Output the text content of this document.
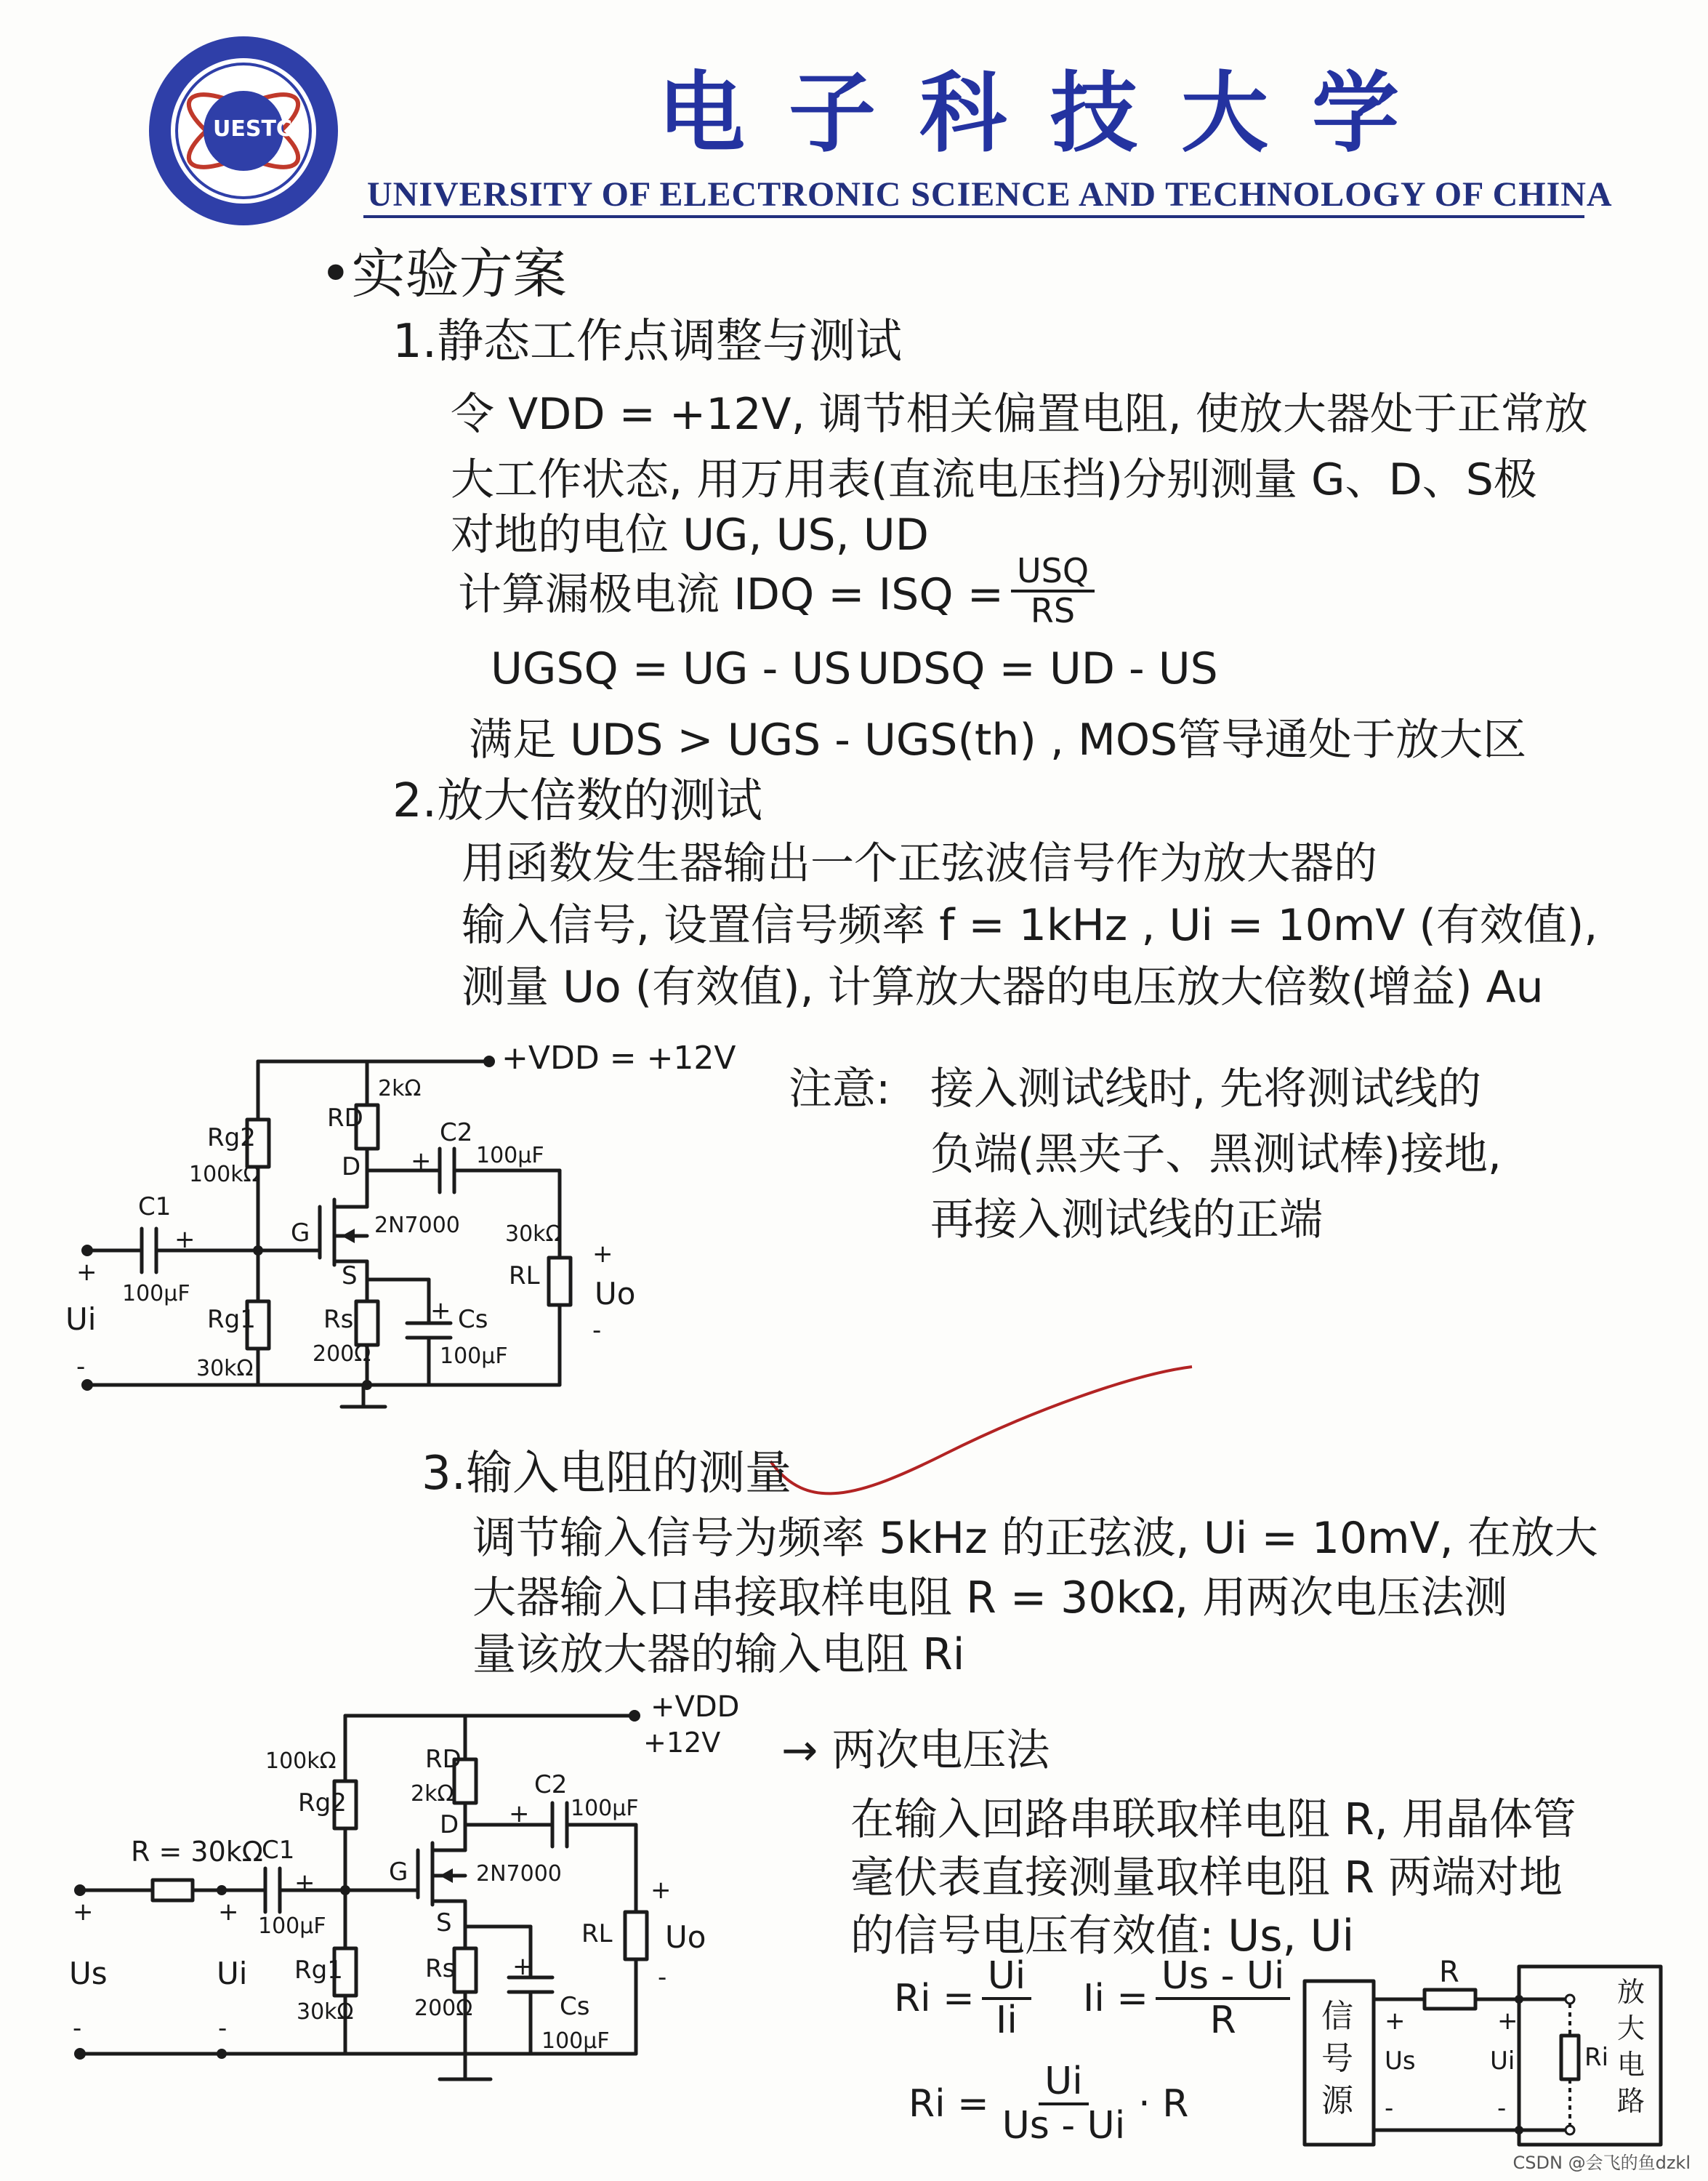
UESTC
1956
电子科技大学
UNIVERSITY OF ELECTRONIC SCIENCE AND TECHNOLOGY OF CHINA
•实验方案
1.静态工作点调整与测试
令 VDD = +12V, 调节相关偏置电阻, 使放大器处于正常放
大工作状态, 用万用表(直流电压挡)分别测量 G、D、S极
对地的电位 UG, US, UD
计算漏极电流 IDQ = ISQ = $\frac{\text{USQ}}{RS}$
UGSQ = UG - US UDSQ = UD - US
满足 UDS > UGS - UGS(th) , MOS管导通处于放大区
2.放大倍数的测试
用函数发生器输出一个正弦波信号作为放大器的
输入信号, 设置信号频率 f = 1kHz , Ui = 10mV (有效值),
测量 Uo (有效值), 计算放大器的电压放大倍数(增益) Au
注意: 接入测试线时, 先将测试线的
负端(黑夹子、黑测试棒)接地,
再接入测试线的正端
+VDD = +12V
RD
2kΩ
Rg2
100kΩ
Rg1
30kΩ
Rs
200Ω
C1
100μF
+
C2
100μF
+
Cs
100μF
+
RL
30kΩ
2N7000
G
D
S
+
Ui
-
+
Uo
-
3.输入电阻的测量
调节输入信号为频率 5kHz 的正弦波, Ui = 10mV, 在放大
大器输入口串接取样电阻 R = 30kΩ, 用两次电压法测
量该放大器的输入电阻 Ri
→ 两次电压法
在输入回路串联取样电阻 R, 用晶体管
毫伏表直接测量取样电阻 R 两端对地
的信号电压有效值: Us, Ui
$Ri = \frac{Ui}{Ii}$ $Ii = \frac{Us - Ui}{R}$
$Ri = \frac{Ui}{Us - Ui} \cdot R$
+VDD
+12V
R = 30kΩ
RD
2kΩ
Rg2
100kΩ
Rg1
30kΩ
Rs
200Ω
C1
100μF
+
C2
100μF
+
Cs
100μF
+
RL
2N7000
G
D
S
+
Us
-
+
Ui
-
+
Uo
-
信号源
R
+
Us
-
+
Ui
-
Ri
放大电路
CSDN @会飞的鱼dzkl
